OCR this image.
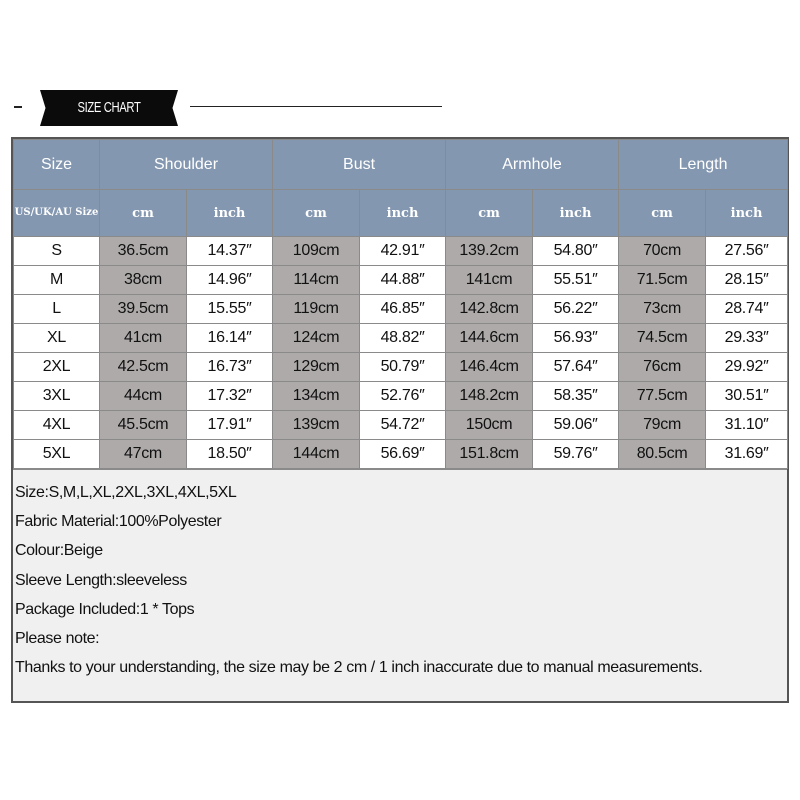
SIZE CHART
Size	Shoulder		Bust		Armhole		Length	
US/UK/AU Size	cm	inch	cm	inch	cm	inch	cm	inch
S	36.5cm	14.37″	109cm	42.91″	139.2cm	54.80″	70cm	27.56″
M	38cm	14.96″	114cm	44.88″	141cm	55.51″	71.5cm	28.15″
L	39.5cm	15.55″	119cm	46.85″	142.8cm	56.22″	73cm	28.74″
XL	41cm	16.14″	124cm	48.82″	144.6cm	56.93″	74.5cm	29.33″
2XL	42.5cm	16.73″	129cm	50.79″	146.4cm	57.64″	76cm	29.92″
3XL	44cm	17.32″	134cm	52.76″	148.2cm	58.35″	77.5cm	30.51″
4XL	45.5cm	17.91″	139cm	54.72″	150cm	59.06″	79cm	31.10″
5XL	47cm	18.50″	144cm	56.69″	151.8cm	59.76″	80.5cm	31.69″
Size:S,M,L,XL,2XL,3XL,4XL,5XL
Fabric Material:100%Polyester
Colour:Beige
Sleeve Length:sleeveless
Package Included:1 * Tops
Please note:
Thanks to your understanding, the size may be 2 cm / 1 inch inaccurate due to manual measurements.
